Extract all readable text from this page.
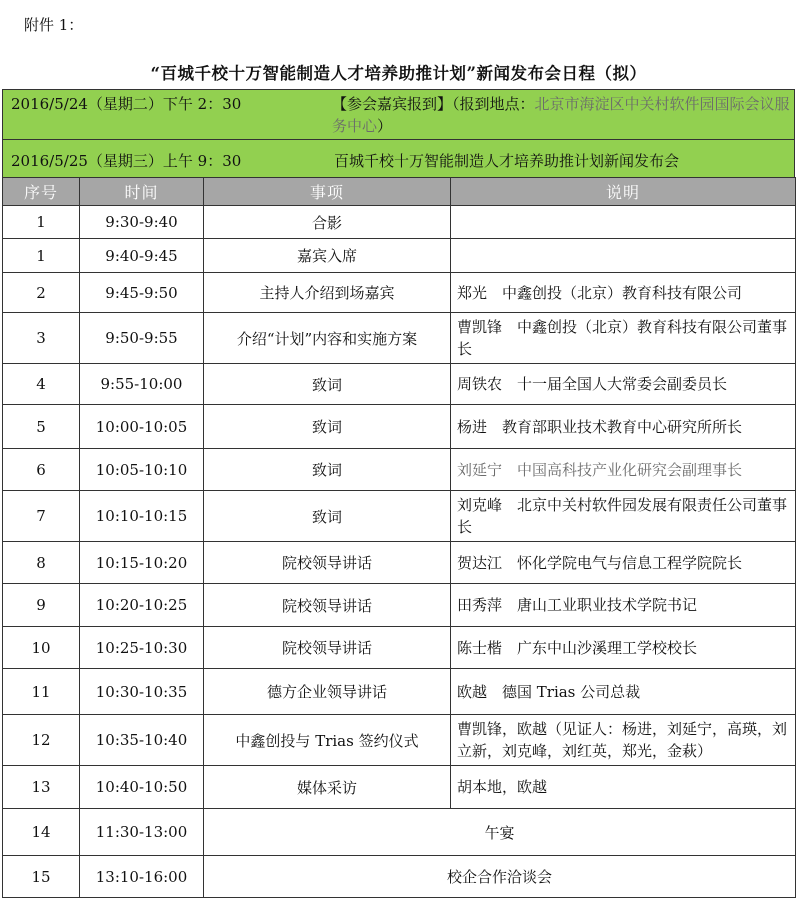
附件 1：
“百城千校十万智能制造人才培养助推计划”新闻发布会日程（拟）
2016/5/24（星期二）下午 2：30	【参会嘉宾报到】（报到地点：北京市海淀区中关村软件园国际会议服务中心）
2016/5/25（星期三）上午 9：30	百城千校十万智能制造人才培养助推计划新闻发布会
序号	时间	事项	说明
1	9:30-9:40	合影	
1	9:40-9:45	嘉宾入席	
2	9:45-9:50	主持人介绍到场嘉宾	郑光　中鑫创投（北京）教育科技有限公司
3	9:50-9:55	介绍“计划”内容和实施方案	曹凯锋　中鑫创投（北京）教育科技有限公司董事长
4	9:55-10:00	致词	周铁农　十一届全国人大常委会副委员长
5	10:00-10:05	致词	杨进　教育部职业技术教育中心研究所所长
6	10:05-10:10	致词	刘延宁　中国高科技产业化研究会副理事长
7	10:10-10:15	致词	刘克峰　北京中关村软件园发展有限责任公司董事长
8	10:15-10:20	院校领导讲话	贺达江　怀化学院电气与信息工程学院院长
9	10:20-10:25	院校领导讲话	田秀萍　唐山工业职业技术学院书记
10	10:25-10:30	院校领导讲话	陈士楷　广东中山沙溪理工学校校长
11	10:30-10:35	德方企业领导讲话	欧越　德国 Trias 公司总裁
12	10:35-10:40	中鑫创投与 Trias 签约仪式	曹凯锋，欧越（见证人：杨进，刘延宁，高瑛，刘立新，刘克峰，刘红英，郑光，金萩）
13	10:40-10:50	媒体采访	胡本地，欧越
14	11:30-13:00	午宴	
15	13:10-16:00	校企合作洽谈会	
